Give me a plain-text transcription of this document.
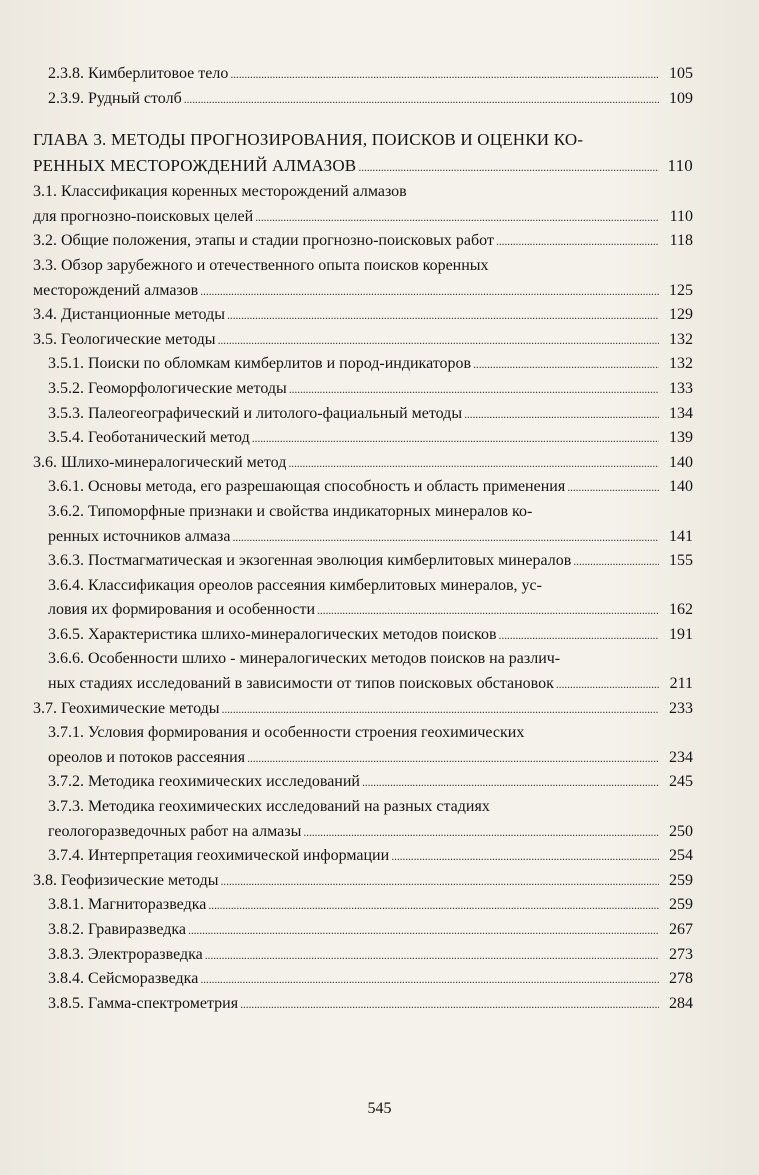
2.3.8. Кимберлитовое тело . . .	105
2.3.9. Рудный столб . . .	109
ГЛАВА 3. МЕТОДЫ ПРОГНОЗИРОВАНИЯ, ПОИСКОВ И ОЦЕНКИ КО-
РЕННЫХ МЕСТОРОЖДЕНИЙ АЛМАЗОВ . . .	110
3.1. Классификация коренных месторождений алмазов
для прогнозно-поисковых целей . . .	110
3.2. Общие положения, этапы и стадии прогнозно-поисковых работ . . .	118
3.3. Обзор зарубежного и отечественного опыта поисков коренных
месторождений алмазов . . .	125
3.4. Дистанционные методы . . .	129
3.5. Геологические методы . . .	132
3.5.1. Поиски по обломкам кимберлитов и пород-индикаторов . . .	132
3.5.2. Геоморфологические методы . . .	133
3.5.3. Палеогеографический и литолого-фациальный методы . . .	134
3.5.4. Геоботанический метод . . .	139
3.6. Шлихо-минералогический метод . . .	140
3.6.1. Основы метода, его разрешающая способность и область применения . . .	140
3.6.2. Типоморфные признаки и свойства индикаторных минералов ко-
ренных источников алмаза . . .	141
3.6.3. Постмагматическая и экзогенная эволюция кимберлитовых минералов . . .	155
3.6.4. Классификация ореолов рассеяния кимберлитовых минералов, ус-
ловия их формирования и особенности . . .	162
3.6.5. Характеристика шлихо-минералогических методов поисков . . .	191
3.6.6. Особенности шлихо - минералогических методов поисков на различ-
ных стадиях исследований в зависимости от типов поисковых обстановок . . .	211
3.7. Геохимические методы . . .	233
3.7.1. Условия формирования и особенности строения геохимических
ореолов и потоков рассеяния . . .	234
3.7.2. Методика геохимических исследований . . .	245
3.7.3. Методика геохимических исследований на разных стадиях
геологоразведочных работ на алмазы . . .	250
3.7.4. Интерпретация геохимической информации . . .	254
3.8. Геофизические методы . . .	259
3.8.1. Магниторазведка . . .	259
3.8.2. Гравиразведка . . .	267
3.8.3. Электроразведка . . .	273
3.8.4. Сейсморазведка . . .	278
3.8.5. Гамма-спектрометрия . . .	284
545
